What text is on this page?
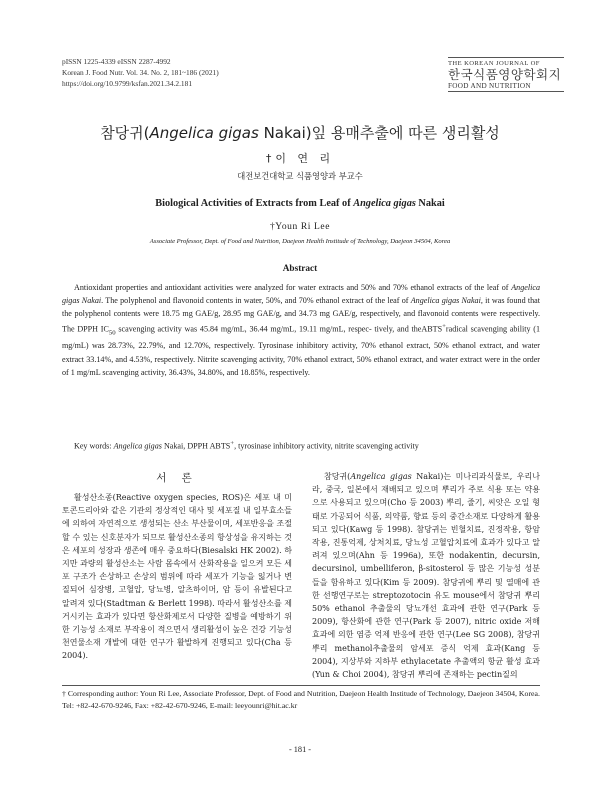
pISSN 1225-4339 eISSN 2287-4992
Korean J. Food Nutr. Vol. 34. No. 2, 181~186 (2021)
https://doi.org/10.9799/ksfan.2021.34.2.181
THE KOREAN JOURNAL OF
한국식품영양학회지
FOOD AND NUTRITION
참당귀(Angelica gigas Nakai)잎 용매추출에 따른 생리활성
†이 연 리
대전보건대학교 식품영양과 부교수
Biological Activities of Extracts from Leaf of Angelica gigas Nakai
†Youn Ri Lee
Associate Professor, Dept. of Food and Nutrition, Daejeon Health Institude of Technology, Daejeon 34504, Korea
Abstract

Antioxidant properties and antioxidant activities were analyzed for water extracts and 50% and 70% ethanol extracts of the leaf of Angelica gigas Nakai. The polyphenol and flavonoid contents in water, 50%, and 70% ethanol extract of the leaf of Angelica gigas Nakai, it was found that the polyphenol contents were 18.75 mg GAE/g, 28.95 mg GAE/g, and 34.73 mg GAE/g, respectively, and flavonoid contents were respectively. The DPPH $IC_{50}$ scavenging activity was 45.84 mg/mL, 36.44 mg/mL, 19.11 mg/mL, respec- tively, and theABTS+radical scavenging ability (1 mg/mL) was 28.73%, 22.79%, and 12.70%, respectively. Tyrosinase inhibitory activity, 70% ethanol extract, 50% ethanol extract, and water extract 33.14%, and 4.53%, respectively. Nitrite scavenging activity, 70% ethanol extract, 50% ethanol extract, and water extract were in the order of 1 mg/mL scavenging activity, 36.43%, 34.80%, and 18.85%, respectively.

Key words: Angelica gigas Nakai, DPPH ABTS+, tyrosinase inhibitory activity, nitrite scavenging activity
서 론

활성산소종(Reactive oxygen species, ROS)은 세포 내 미토콘드리아와 같은 기관의 정상적인 대사 및 세포질 내 일부효소들에 의하여 자연적으로 생성되는 산소 부산물이며, 세포반응을 조절할 수 있는 신호분자가 되므로 활성산소종의 항상성을 유지하는 것은 세포의 성장과 생존에 매우 중요하다(Biesalski HK 2002). 하지만 과량의 활성산소는 사람 몸속에서 산화작용을 일으켜 모든 세포 구조가 손상하고 손상의 범위에 따라 세포가 기능을 잃거나 변질되어 심장병, 고혈압, 당뇨병, 알츠하이머, 암 등이 유발된다고 알려져 있다(Stadtman & Berlett 1998). 따라서 활성산소를 제거시키는 효과가 있다면 항산화제로서 다양한 질병을 예방하기 위한 기능성 소재로 부작용이 적으면서 생리활성이 높은 건강 기능성 천연물소재 개발에 대한 연구가 활발하게 진행되고 있다(Cha 등 2004).

참당귀(Angelica gigas Nakai)는 미나리과식물로, 우리나라, 중국, 일본에서 재배되고 있으며 뿌리가 주로 식용 또는 약용으로 사용되고 있으며(Cho 등 2003) 뿌리, 줄기, 씨앗은 오일 형태로 가공되어 식품, 의약품, 향료 등의 중간소재로 다양하게 활용되고 있다(Kawg 등 1998). 참당귀는 빈혈치료, 진정작용, 항암작용, 진통억제, 상처치료, 당뇨성 고혈압치료에 효과가 있다고 알려져 있으며(Ahn 등 1996a), 또한 nodakentin, decursin, decursinol, umbelliferon, β-sitosterol 등 많은 기능성 성분들을 함유하고 있다(Kim 등 2009). 참당귀에 뿌리 및 열매에 관한 선행연구로는 streptozotocin 유도 mouse에서 참당귀 뿌리 50% ethanol 추출물의 당뇨개선 효과에 관한 연구(Park 등 2009), 항산화에 관한 연구(Park 등 2007), nitric oxide 저해 효과에 의한 염증 억제 반응에 관한 연구(Lee SG 2008), 참당귀 뿌리 methanol추출물의 암세포 증식 억제 효과(Kang 등 2004), 지상부와 지하부 ethylacetate 추출액의 항균 활성 효과(Yun & Choi 2004), 참당귀 뿌리에 존재하는 pectin질의

† Corresponding author: Youn Ri Lee, Associate Professor, Dept. of Food and Nutrition, Daejeon Health Institude of Technology, Daejeon 34504, Korea. Tel: +82-42-670-9246, Fax: +82-42-670-9246, E-mail: leeyounri@hit.ac.kr
- 181 -
